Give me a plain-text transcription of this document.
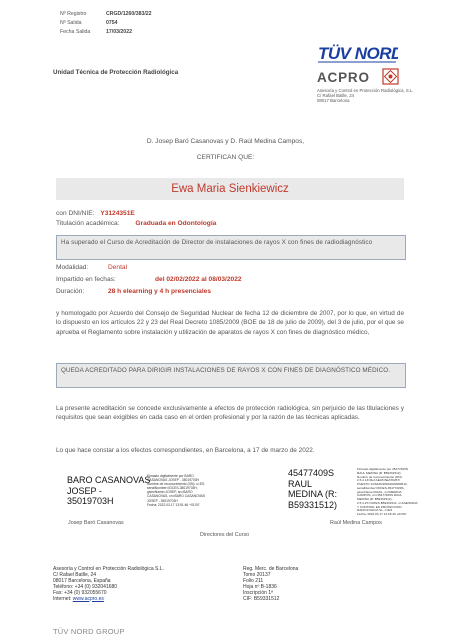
Nº Registro	CRGD/1260/383/22
Nº Salida	0754
Fecha Salida	17/03/2022
Unidad Técnica de Protección Radiológica
TÜV NORD
ACPRO
Asesoría y Control en Protección Radiológica, S.L.
C/ Rafael Batlle, 24
08017 Barcelona
D. Josep Baró Casanovas y D. Raúl Medina Campos,
CERTIFICAN QUE:
Ewa Maria Sienkiewicz
con DNI/NIE: Y3124351E
Titulación académica: Graduada en Odontología
Ha superado el Curso de Acreditación de Director de instalaciones de rayos X con fines de radiodiagnóstico
Modalidad:	Dental
Impartido en fechas:	del 02/02/2022 al 08/03/2022
Duración:	28 h elearning y 4 h presenciales
y homologado por Acuerdo del Consejo de Seguridad Nuclear de fecha 12 de diciembre de 2007, por lo que, en virtud de lo dispuesto en los artículos 22 y 23 del Real Decreto 1085/2009 (BOE de 18 de julio de 2009), del 3 de julio, por el que se aprueba el Reglamento sobre instalación y utilización de aparatos de rayos X con fines de diagnóstico médico,
QUEDA ACREDITADO PARA DIRIGIR INSTALACIONES DE RAYOS X CON FINES DE DIAGNÓSTICO MÉDICO.
La presente acreditación se concede exclusivamente a efectos de protección radiológica, sin perjuicio de las titulaciones y requisitos que sean exigibles en cada caso en el orden profesional y por la razón de las técnicas aplicadas.
Lo que hace constar a los efectos correspondientes, en Barcelona, a 17 de marzo de 2022.
BARO CASANOVAS
JOSEP -
35019703H
Firmado digitalmente por BARO
CASANOVAS JOSEP - 35019703H
Nombre de reconocimiento (DN): c=ES,
serialNumber=IDCES-35019703H,
givenName=JOSEP, sn=BARO
CASANOVAS, cn=BARO CASANOVAS
JOSEP - 35019703H
Fecha: 2022.03.17 13:51:46 +01'00'
Josep Baró Casanovas
45477409S
RAUL
MEDINA (R:
B59331512)
Firmado digitalmente por 45477409S
RAUL MEDINA (R: B59331512)
Nombre de reconocimiento (DN):
2.5.4.13=Ref:AEAT/AEAT0267/
PUESTO 1/26436/29042020080512,
serialNumber=IDCES-45477409S,
givenName=RAUL, sn=MEDINA
CAMPOS, cn=45477409S RAUL
MEDINA (R: B59331512),
2.5.4.97=VATES-B59331512, o=ASESORIA
Y CONTROL EN PROTECCION
RADIOLOGICA SL, c=ES
Fecha: 2022.03.17 14:18:30 +01'00'
Raúl Medina Campos
Directores del Curso
Asesoría y Control en Protección Radiológica S.L.
C/ Rafael Batlle, 24
08017 Barcelona, España
Teléfono: +34 (0) 932041680
Fax: +34 (0) 932055670
Internet: www.acpro.es
TÜV NORD GROUP
Reg. Merc. de Barcelona
Tomo 20137
Folio 211
Hoja nº B-1836
Inscripción 1ª
CIF: B59331512
